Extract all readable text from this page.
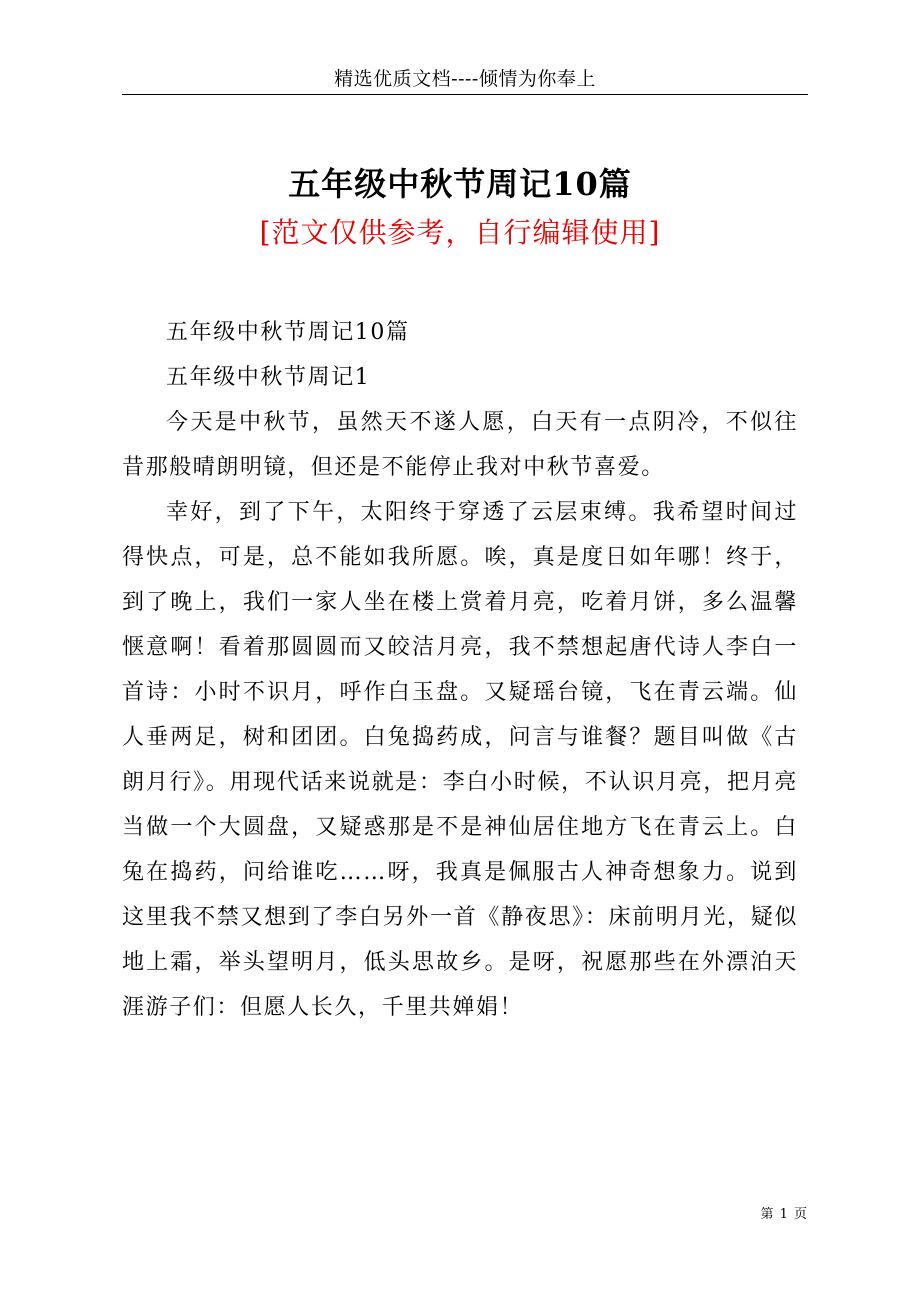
精选优质文档----倾情为你奉上
五年级中秋节周记10篇
[范文仅供参考，自行编辑使用]

五年级中秋节周记10篇

五年级中秋节周记1

今天是中秋节，虽然天不遂人愿，白天有一点阴冷，不似往昔那般晴朗明镜，但还是不能停止我对中秋节喜爱。

幸好，到了下午，太阳终于穿透了云层束缚。我希望时间过得快点，可是，总不能如我所愿。唉，真是度日如年哪！终于，到了晚上，我们一家人坐在楼上赏着月亮，吃着月饼，多么温馨惬意啊！看着那圆圆而又皎洁月亮，我不禁想起唐代诗人李白一首诗：小时不识月，呼作白玉盘。又疑瑶台镜，飞在青云端。仙人垂两足，树和团团。白兔捣药成，问言与谁餐？题目叫做《古朗月行》。用现代话来说就是：李白小时候，不认识月亮，把月亮当做一个大圆盘，又疑惑那是不是神仙居住地方飞在青云上。白兔在捣药，问给谁吃……呀，我真是佩服古人神奇想象力。说到这里我不禁又想到了李白另外一首《静夜思》：床前明月光，疑似地上霜，举头望明月，低头思故乡。是呀，祝愿那些在外漂泊天涯游子们：但愿人长久，千里共婵娟！

第 1 页
